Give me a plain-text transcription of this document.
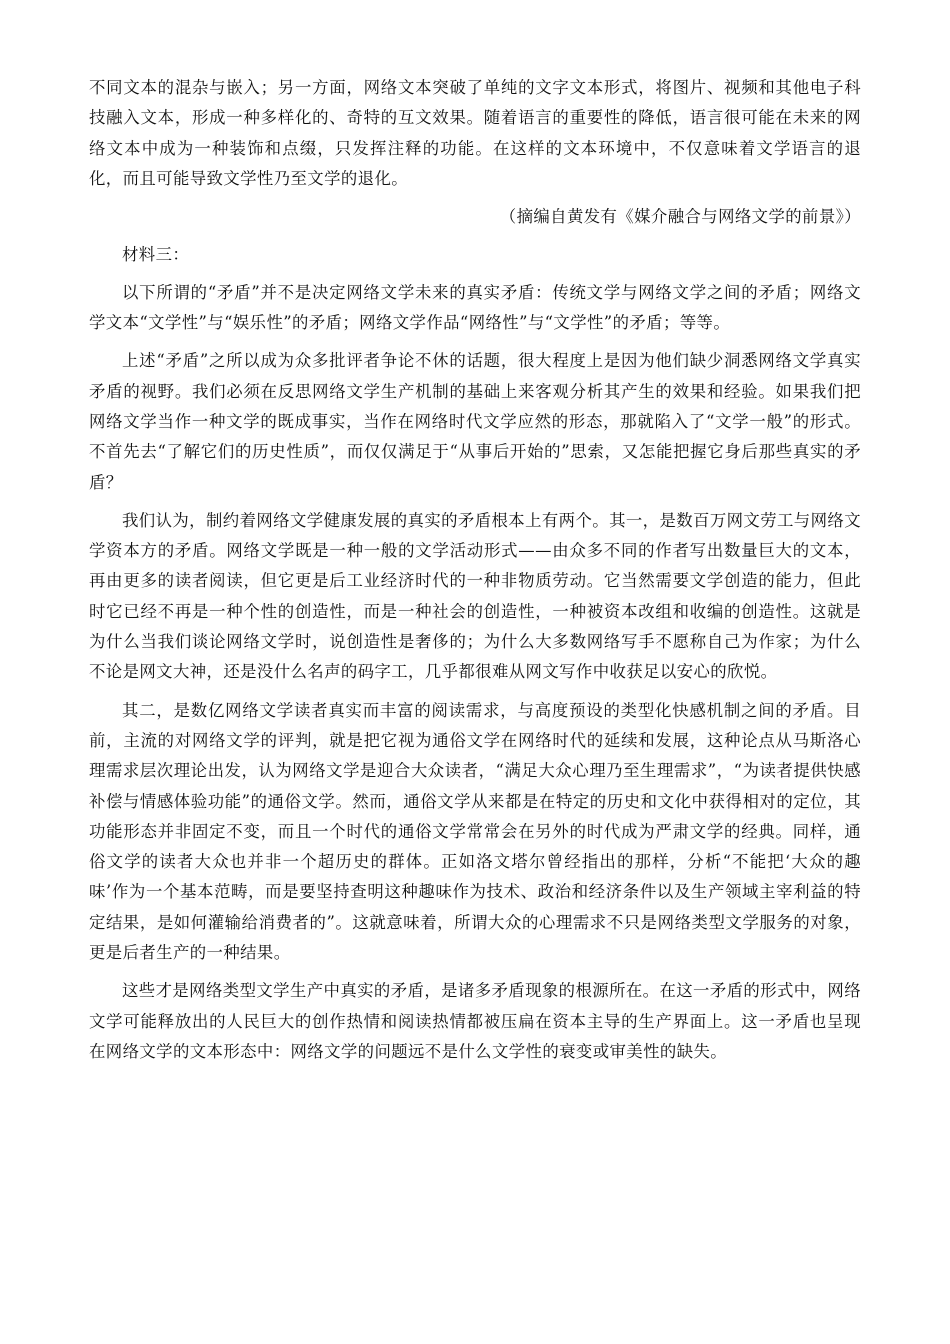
不同文本的混杂与嵌入；另一方面，网络文本突破了单纯的文字文本形式，将图片、视频和其他电子科技融入文本，形成一种多样化的、奇特的互文效果。随着语言的重要性的降低，语言很可能在未来的网络文本中成为一种装饰和点缀，只发挥注释的功能。在这样的文本环境中，不仅意味着文学语言的退化，而且可能导致文学性乃至文学的退化。

（摘编自黄发有《媒介融合与网络文学的前景》）

材料三：

以下所谓的“矛盾”并不是决定网络文学未来的真实矛盾：传统文学与网络文学之间的矛盾；网络文学文本“文学性”与“娱乐性”的矛盾；网络文学作品“网络性”与“文学性”的矛盾；等等。

上述“矛盾”之所以成为众多批评者争论不休的话题，很大程度上是因为他们缺少洞悉网络文学真实矛盾的视野。我们必须在反思网络文学生产机制的基础上来客观分析其产生的效果和经验。如果我们把网络文学当作一种文学的既成事实，当作在网络时代文学应然的形态，那就陷入了“文学一般”的形式。不首先去“了解它们的历史性质”，而仅仅满足于“从事后开始的”思索，又怎能把握它身后那些真实的矛盾？

我们认为，制约着网络文学健康发展的真实的矛盾根本上有两个。其一，是数百万网文劳工与网络文学资本方的矛盾。网络文学既是一种一般的文学活动形式——由众多不同的作者写出数量巨大的文本，再由更多的读者阅读，但它更是后工业经济时代的一种非物质劳动。它当然需要文学创造的能力，但此时它已经不再是一种个性的创造性，而是一种社会的创造性，一种被资本改组和收编的创造性。这就是为什么当我们谈论网络文学时，说创造性是奢侈的；为什么大多数网络写手不愿称自己为作家；为什么不论是网文大神，还是没什么名声的码字工，几乎都很难从网文写作中收获足以安心的欣悦。

其二，是数亿网络文学读者真实而丰富的阅读需求，与高度预设的类型化快感机制之间的矛盾。目前，主流的对网络文学的评判，就是把它视为通俗文学在网络时代的延续和发展，这种论点从马斯洛心理需求层次理论出发，认为网络文学是迎合大众读者，“满足大众心理乃至生理需求”，“为读者提供快感补偿与情感体验功能”的通俗文学。然而，通俗文学从来都是在特定的历史和文化中获得相对的定位，其功能形态并非固定不变，而且一个时代的通俗文学常常会在另外的时代成为严肃文学的经典。同样，通俗文学的读者大众也并非一个超历史的群体。正如洛文塔尔曾经指出的那样，分析“不能把‘大众的趣味’作为一个基本范畴，而是要坚持查明这种趣味作为技术、政治和经济条件以及生产领域主宰利益的特定结果，是如何灌输给消费者的”。这就意味着，所谓大众的心理需求不只是网络类型文学服务的对象，更是后者生产的一种结果。

这些才是网络类型文学生产中真实的矛盾，是诸多矛盾现象的根源所在。在这一矛盾的形式中，网络文学可能释放出的人民巨大的创作热情和阅读热情都被压扁在资本主导的生产界面上。这一矛盾也呈现在网络文学的文本形态中：网络文学的问题远不是什么文学性的衰变或审美性的缺失。
